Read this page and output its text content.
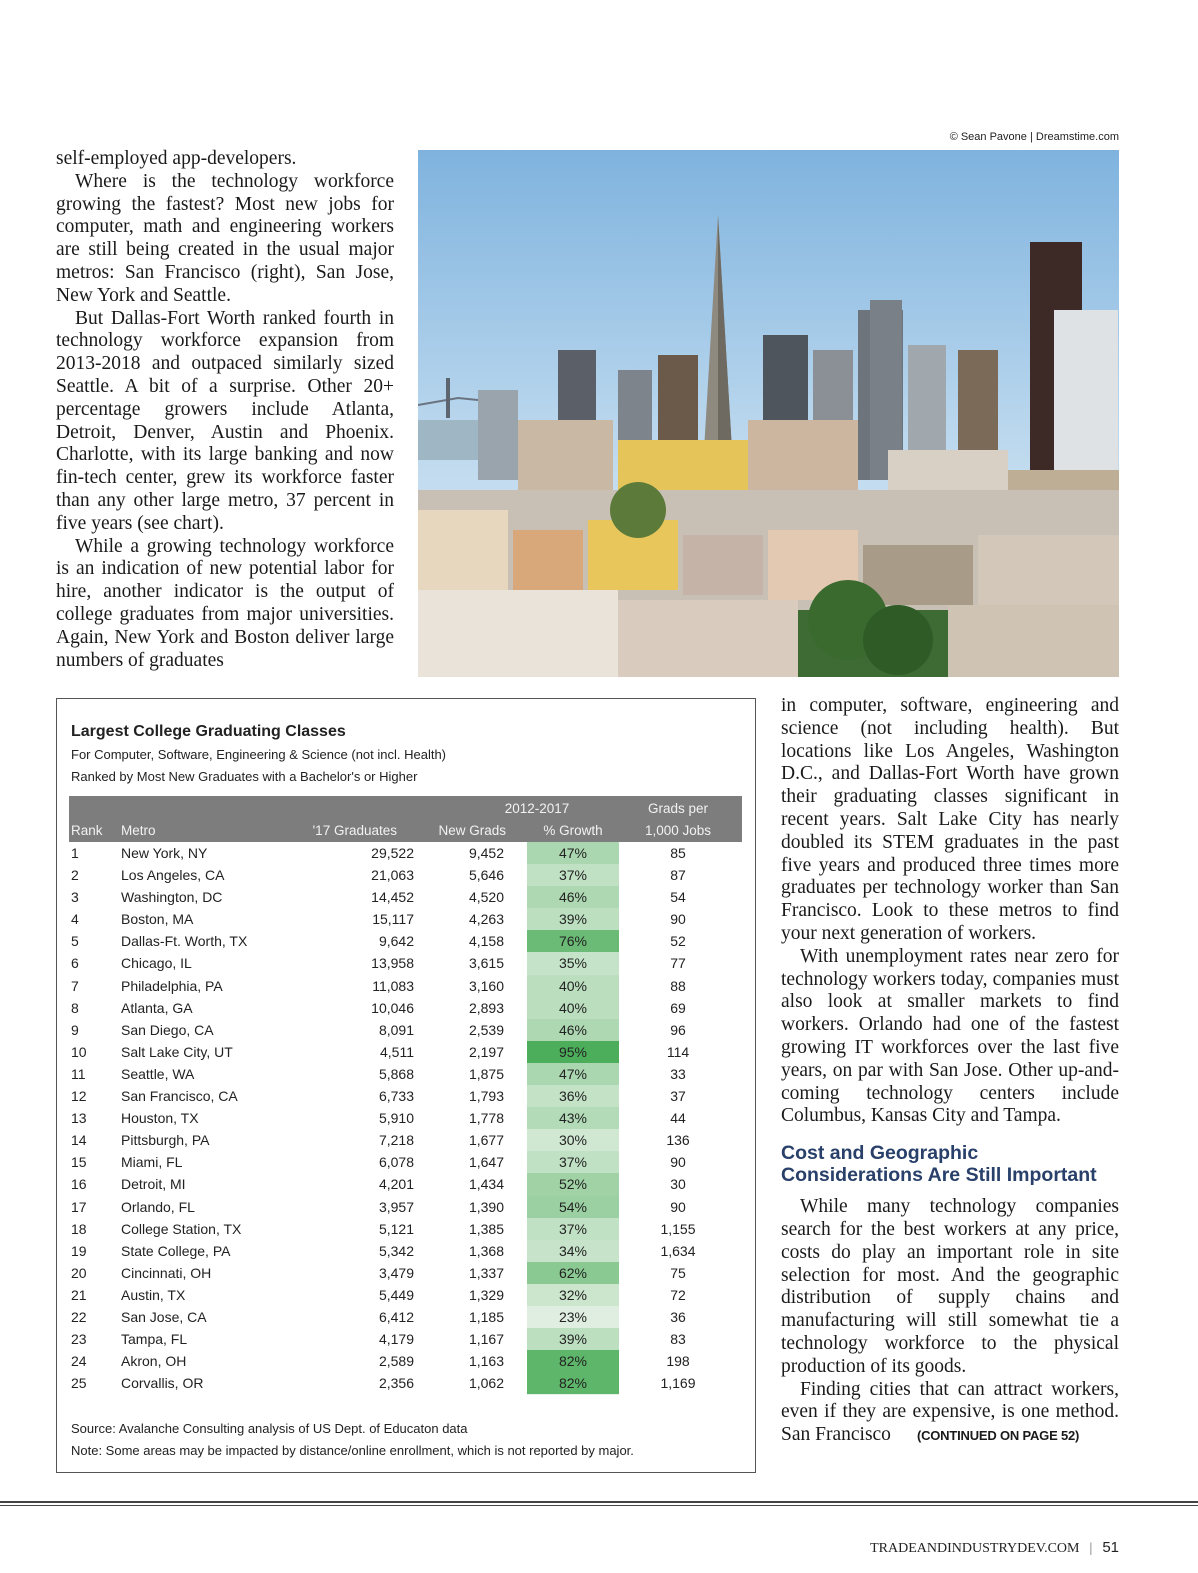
© Sean Pavone | Dreamstime.com

self-employed app-developers.

Where is the technology workforce growing the fastest? Most new jobs for computer, math and engineering workers are still being created in the usual major metros: San Francisco (right), San Jose, New York and Seattle.

But Dallas-Fort Worth ranked fourth in technology workforce expansion from 2013-2018 and outpaced similarly sized Seattle. A bit of a surprise. Other 20+ percentage growers include Atlanta, Detroit, Denver, Austin and Phoenix. Charlotte, with its large banking and now fin-tech center, grew its workforce faster than any other large metro, 37 percent in five years (see chart).

While a growing technology workforce is an indication of new potential labor for hire, another indicator is the output of college graduates from major universities. Again, New York and Boston deliver large numbers of graduates

Largest College Graduating Classes
For Computer, Software, Engineering & Science (not incl. Health)
Ranked by Most New Graduates with a Bachelor's or Higher
2012-2017	Grads per
Rank Metro	'17 Graduates	New Grads	% Growth	1,000 Jobs
1	New York, NY	29,522	9,452	47%	85
2	Los Angeles, CA	21,063	5,646	37%	87
3	Washington, DC	14,452	4,520	46%	54
4	Boston, MA	15,117	4,263	39%	90
5	Dallas-Ft. Worth, TX	9,642	4,158	76%	52
6	Chicago, IL	13,958	3,615	35%	77
7	Philadelphia, PA	11,083	3,160	40%	88
8	Atlanta, GA	10,046	2,893	40%	69
9	San Diego, CA	8,091	2,539	46%	96
10 Salt Lake City, UT	4,511	2,197	95%	114
11	Seattle, WA	5,868	1,875	47%	33
12 San Francisco, CA	6,733	1,793	36%	37
13 Houston, TX	5,910	1,778	43%	44
14 Pittsburgh, PA	7,218	1,677	30%	136
15 Miami, FL	6,078	1,647	37%	90
16 Detroit, MI	4,201	1,434	52%	30
17 Orlando, FL	3,957	1,390	54%	90
18 College Station, TX	5,121	1,385	37%	1,155
19 State College, PA	5,342	1,368	34%	1,634
20 Cincinnati, OH	3,479	1,337	62%	75
21 Austin, TX	5,449	1,329	32%	72
22 San Jose, CA	6,412	1,185	23%	36
23 Tampa, FL	4,179	1,167	39%	83
24 Akron, OH	2,589	1,163	82%	198
25 Corvallis, OR	2,356	1,062	82%	1,169
Source: Avalanche Consulting analysis of US Dept. of Educaton data
Note: Some areas may be impacted by distance/online enrollment, which is not reported by major.

in computer, software, engineering and science (not including health). But locations like Los Angeles, Washington D.C., and Dallas-Fort Worth have grown their graduating classes significant in recent years. Salt Lake City has nearly doubled its STEM graduates in the past five years and produced three times more graduates per technology worker than San Francisco. Look to these metros to find your next generation of workers.

With unemployment rates near zero for technology workers today, companies must also look at smaller markets to find workers. Orlando had one of the fastest growing IT workforces over the last five years, on par with San Jose. Other up-and-coming technology centers include Columbus, Kansas City and Tampa.

Cost and Geographic Considerations Are Still Important

While many technology companies search for the best workers at any price, costs do play an important role in site selection for most. And the geographic distribution of supply chains and manufacturing will still somewhat tie a technology workforce to the physical production of its goods.

Finding cities that can attract workers, even if they are expensive, is one method. San Francisco (CONTINUED ON PAGE 52)

TRADEANDINDUSTRYDEV.COM | 51
